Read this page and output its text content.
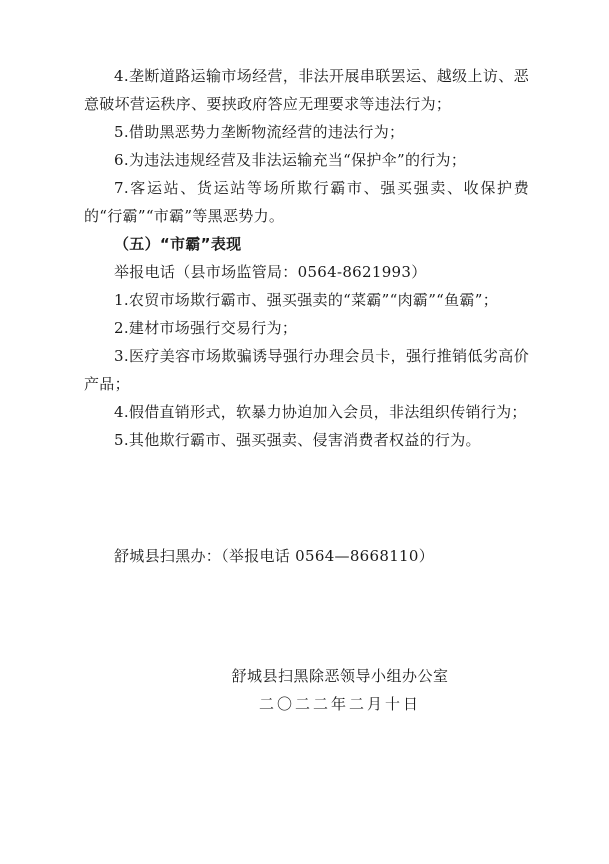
4.垄断道路运输市场经营，非法开展串联罢运、越级上访、恶意破坏营运秩序、要挟政府答应无理要求等违法行为；

5.借助黑恶势力垄断物流经营的违法行为；

6.为违法违规经营及非法运输充当“保护伞”的行为；

7.客运站、货运站等场所欺行霸市、强买强卖、收保护费的“行霸”“市霸”等黑恶势力。

（五）“市霸”表现

举报电话（县市场监管局：0564-8621993）

1.农贸市场欺行霸市、强买强卖的“菜霸”“肉霸”“鱼霸”；

2.建材市场强行交易行为；

3.医疗美容市场欺骗诱导强行办理会员卡，强行推销低劣高价产品；

4.假借直销形式，软暴力协迫加入会员，非法组织传销行为；

5.其他欺行霸市、强买强卖、侵害消费者权益的行为。

舒城县扫黑办：（举报电话 0564—8668110）
舒城县扫黑除恶领导小组办公室
二〇二二年二月十日
